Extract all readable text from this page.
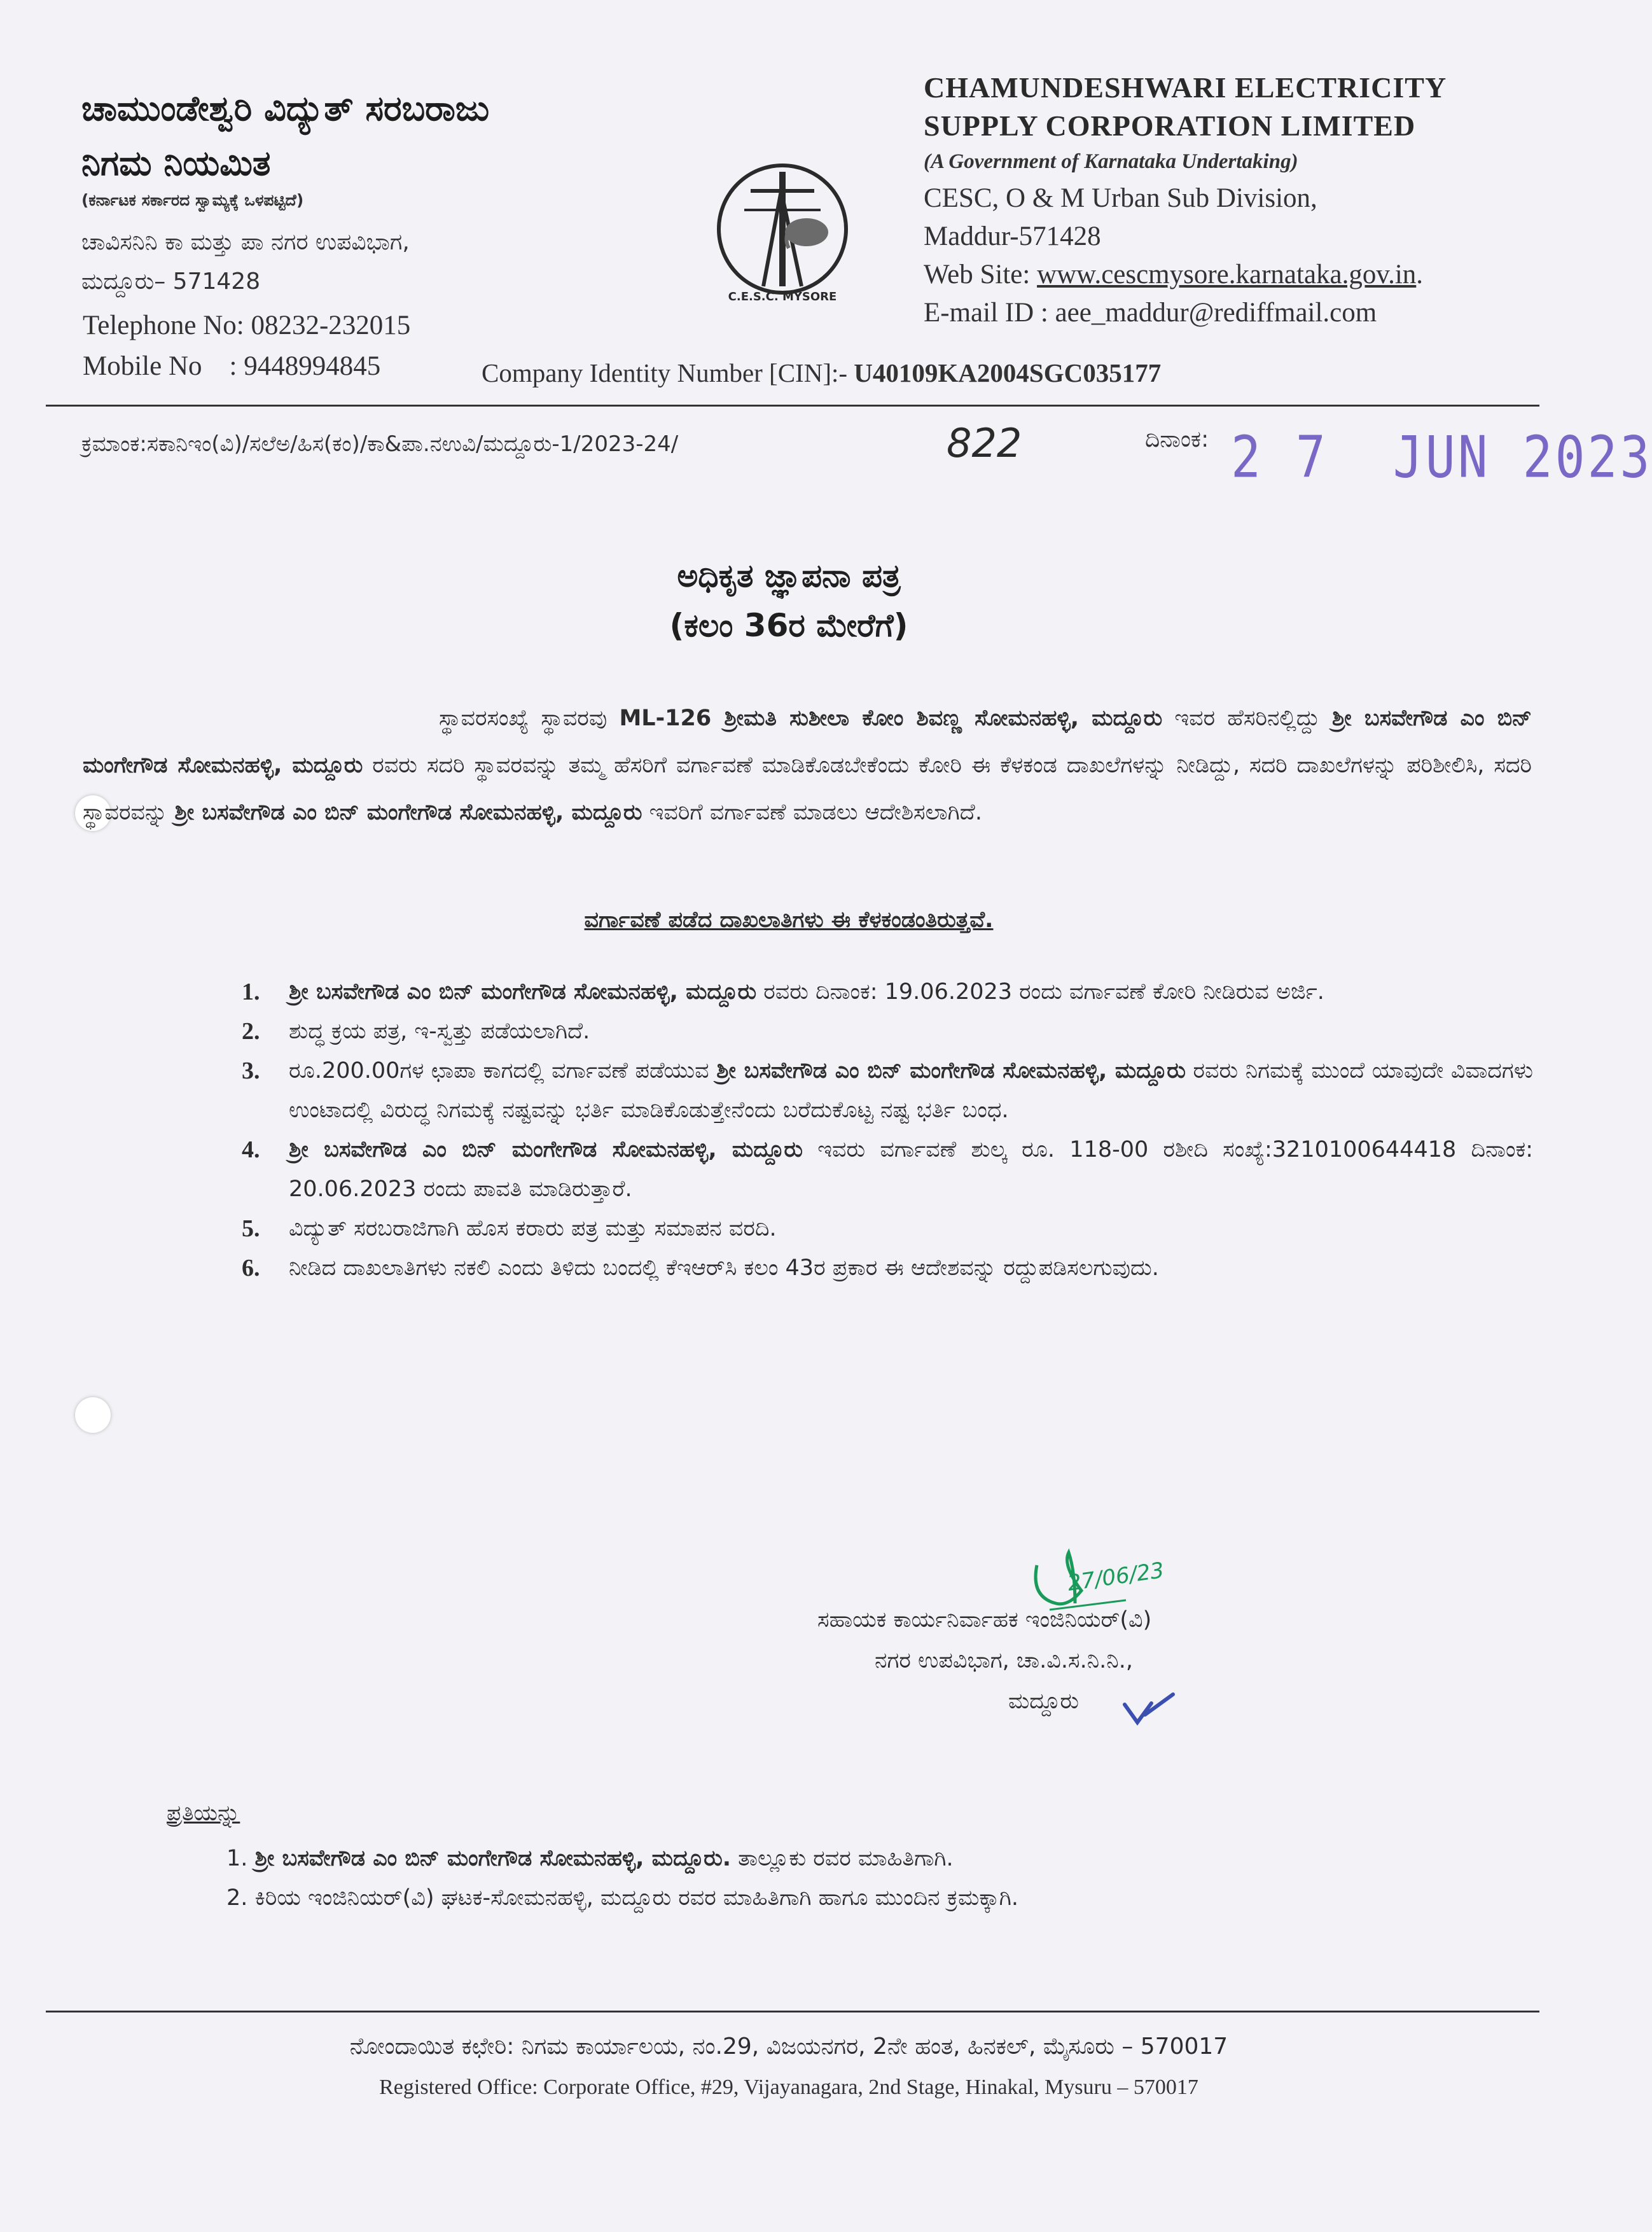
ಚಾಮುಂಡೇಶ್ವರಿ ವಿದ್ಯುತ್ ಸರಬರಾಜು
ನಿಗಮ ನಿಯಮಿತ
(ಕರ್ನಾಟಕ ಸರ್ಕಾರದ ಸ್ವಾಮ್ಯಕ್ಕೆ ಒಳಪಟ್ಟಿದೆ)
ಚಾವಿಸನಿನಿ ಕಾ ಮತ್ತು ಪಾ ನಗರ ಉಪವಿಭಾಗ,
ಮದ್ದೂರು– 571428
Telephone No: 08232-232015
Mobile No    : 9448994845
C.E.S.C. MYSORE
CHAMUNDESHWARI ELECTRICITY
SUPPLY CORPORATION LIMITED
(A Government of Karnataka Undertaking)
CESC, O & M Urban Sub Division,
Maddur-571428
Web Site: www.cescmysore.karnataka.gov.in.
E-mail ID : aee_maddur@rediffmail.com
Company Identity Number [CIN]:- U40109KA2004SGC035177
ಕ್ರಮಾಂಕ:ಸಕಾನಿಇಂ(ವಿ)/ಸಲೆಅ/ಹಿಸ(ಕಂ)/ಕಾ&ಪಾ.ನಉವಿ/ಮದ್ದೂರು-1/2023-24/	822	ದಿನಾಂಕ: 2 7  JUN 2023
ಅಧಿಕೃತ ಜ್ಞಾಪನಾ ಪತ್ರ
(ಕಲಂ 36ರ ಮೇರೆಗೆ)
ಸ್ಥಾವರಸಂಖ್ಯೆ ಸ್ಥಾವರವು ML-126 ಶ್ರೀಮತಿ ಸುಶೀಲಾ ಕೋಂ ಶಿವಣ್ಣ ಸೋಮನಹಳ್ಳಿ, ಮದ್ದೂರು ಇವರ ಹೆಸರಿನಲ್ಲಿದ್ದು ಶ್ರೀ ಬಸವೇಗೌಡ ಎಂ ಬಿನ್ ಮಂಗೇಗೌಡ ಸೋಮನಹಳ್ಳಿ, ಮದ್ದೂರು ರವರು ಸದರಿ ಸ್ಥಾವರವನ್ನು ತಮ್ಮ ಹೆಸರಿಗೆ ವರ್ಗಾವಣೆ ಮಾಡಿಕೊಡಬೇಕೆಂದು ಕೋರಿ ಈ ಕೆಳಕಂಡ ದಾಖಲೆಗಳನ್ನು ನೀಡಿದ್ದು, ಸದರಿ ದಾಖಲೆಗಳನ್ನು ಪರಿಶೀಲಿಸಿ, ಸದರಿ ಸ್ಥಾವರವನ್ನು ಶ್ರೀ ಬಸವೇಗೌಡ ಎಂ ಬಿನ್ ಮಂಗೇಗೌಡ ಸೋಮನಹಳ್ಳಿ, ಮದ್ದೂರು ಇವರಿಗೆ ವರ್ಗಾವಣೆ ಮಾಡಲು ಆದೇಶಿಸಲಾಗಿದೆ.
ವರ್ಗಾವಣೆ ಪಡೆದ ದಾಖಲಾತಿಗಳು ಈ ಕೆಳಕಂಡಂತಿರುತ್ತವೆ.
1. ಶ್ರೀ ಬಸವೇಗೌಡ ಎಂ ಬಿನ್ ಮಂಗೇಗೌಡ ಸೋಮನಹಳ್ಳಿ, ಮದ್ದೂರು ರವರು ದಿನಾಂಕ: 19.06.2023 ರಂದು ವರ್ಗಾವಣೆ ಕೋರಿ ನೀಡಿರುವ ಅರ್ಜಿ.
2. ಶುದ್ಧ ಕ್ರಯ ಪತ್ರ, ಇ-ಸ್ವತ್ತು ಪಡೆಯಲಾಗಿದೆ.
3. ರೂ.200.00ಗಳ ಛಾಪಾ ಕಾಗದಲ್ಲಿ ವರ್ಗಾವಣೆ ಪಡೆಯುವ ಶ್ರೀ ಬಸವೇಗೌಡ ಎಂ ಬಿನ್ ಮಂಗೇಗೌಡ ಸೋಮನಹಳ್ಳಿ, ಮದ್ದೂರು ರವರು ನಿಗಮಕ್ಕೆ ಮುಂದೆ ಯಾವುದೇ ವಿವಾದಗಳು ಉಂಟಾದಲ್ಲಿ ವಿರುದ್ಧ ನಿಗಮಕ್ಕೆ ನಷ್ಟವನ್ನು ಭರ್ತಿ ಮಾಡಿಕೊಡುತ್ತೇನೆಂದು ಬರೆದುಕೊಟ್ಟ ನಷ್ಟ ಭರ್ತಿ ಬಂಧ.
4. ಶ್ರೀ ಬಸವೇಗೌಡ ಎಂ ಬಿನ್ ಮಂಗೇಗೌಡ ಸೋಮನಹಳ್ಳಿ, ಮದ್ದೂರು ಇವರು ವರ್ಗಾವಣೆ ಶುಲ್ಕ ರೂ. 118-00 ರಶೀದಿ ಸಂಖ್ಯೆ:3210100644418 ದಿನಾಂಕ: 20.06.2023 ರಂದು ಪಾವತಿ ಮಾಡಿರುತ್ತಾರೆ.
5. ವಿದ್ಯುತ್ ಸರಬರಾಜಿಗಾಗಿ ಹೊಸ ಕರಾರು ಪತ್ರ ಮತ್ತು ಸಮಾಪನ ವರದಿ.
6. ನೀಡಿದ ದಾಖಲಾತಿಗಳು ನಕಲಿ ಎಂದು ತಿಳಿದು ಬಂದಲ್ಲಿ ಕೆಇಆರ್‌ಸಿ ಕಲಂ 43ರ ಪ್ರಕಾರ ಈ ಆದೇಶವನ್ನು ರದ್ದುಪಡಿಸಲಗುವುದು.
27/06/23
ಸಹಾಯಕ ಕಾರ್ಯನಿರ್ವಾಹಕ ಇಂಜಿನಿಯರ್(ವಿ)
ನಗರ ಉಪವಿಭಾಗ, ಚಾ.ವಿ.ಸ.ನಿ.ನಿ.,
ಮದ್ದೂರು
ಪ್ರತಿಯನ್ನು
1. ಶ್ರೀ ಬಸವೇಗೌಡ ಎಂ ಬಿನ್ ಮಂಗೇಗೌಡ ಸೋಮನಹಳ್ಳಿ, ಮದ್ದೂರು. ತಾಲ್ಲೂಕು ರವರ ಮಾಹಿತಿಗಾಗಿ.
2. ಕಿರಿಯ ಇಂಜಿನಿಯರ್(ವಿ) ಘಟಕ-ಸೋಮನಹಳ್ಳಿ, ಮದ್ದೂರು ರವರ ಮಾಹಿತಿಗಾಗಿ ಹಾಗೂ ಮುಂದಿನ ಕ್ರಮಕ್ಕಾಗಿ.
ನೋಂದಾಯಿತ ಕಛೇರಿ: ನಿಗಮ ಕಾರ್ಯಾಲಯ, ನಂ.29, ವಿಜಯನಗರ, 2ನೇ ಹಂತ, ಹಿನಕಲ್, ಮೈಸೂರು – 570017
Registered Office: Corporate Office, #29, Vijayanagara, 2nd Stage, Hinakal, Mysuru – 570017
